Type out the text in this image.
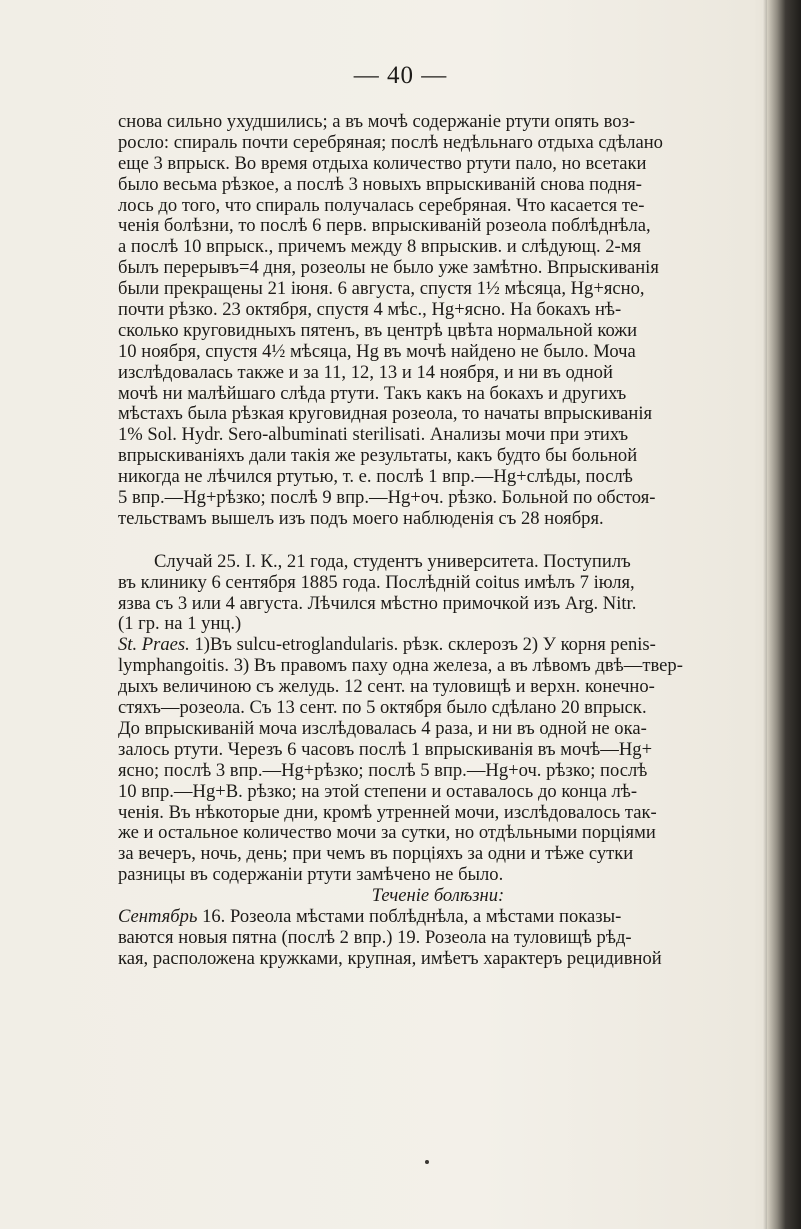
— 40 —
снова сильно ухудшились; а въ мочѣ содержаніе ртути опять воз-
росло: спираль почти серебряная; послѣ недѣльнаго отдыха сдѣлано
еще 3 впрыск. Во время отдыха количество ртути пало, но всетаки
было весьма рѣзкое, а послѣ 3 новыхъ впрыскиваній снова подня-
лось до того, что спираль получалась серебряная. Что касается те-
ченія болѣзни, то послѣ 6 перв. впрыскиваній розеола поблѣднѣла,
а послѣ 10 впрыск., причемъ между 8 впрыскив. и слѣдующ. 2-мя
былъ перерывъ=4 дня, розеолы не было уже замѣтно. Впрыскиванія
были прекращены 21 іюня. 6 августа, спустя 1½ мѣсяца, Hg+ясно,
почти рѣзко. 23 октября, спустя 4 мѣс., Hg+ясно. На бокахъ нѣ-
сколько круговидныхъ пятенъ, въ центрѣ цвѣта нормальной кожи
10 ноября, спустя 4½ мѣсяца, Hg въ мочѣ найдено не было. Моча
изслѣдовалась также и за 11, 12, 13 и 14 ноября, и ни въ одной
мочѣ ни малѣйшаго слѣда ртути. Такъ какъ на бокахъ и другихъ
мѣстахъ была рѣзкая круговидная розеола, то начаты впрыскиванія
1% Sol. Hydr. Sero-albuminati sterilisati. Анализы мочи при этихъ
впрыскиваніяхъ дали такія же результаты, какъ будто бы больной
никогда не лѣчился ртутью, т. е. послѣ 1 впр.—Hg+слѣды, послѣ
5 впр.—Hg+рѣзко; послѣ 9 впр.—Hg+оч. рѣзко. Больной по обстоя-
тельствамъ вышелъ изъ подъ моего наблюденія съ 28 ноября.
Случай 25. I. К., 21 года, студентъ университета. Поступилъ
въ клинику 6 сентября 1885 года. Послѣдній coitus имѣлъ 7 іюля,
язва съ 3 или 4 августа. Лѣчился мѣстно примочкой изъ Arg. Nitr.
(1 гр. на 1 унц.)
St. Praes. 1)Въ sulcu-etroglandularis. рѣзк. склерозъ 2) У корня penis-
lymphangoitis. 3) Въ правомъ паху одна железа, а въ лѣвомъ двѣ—твер-
дыхъ величиною съ желудь. 12 сент. на туловищѣ и верхн. конечно-
стяхъ—розеола. Съ 13 сент. по 5 октября было сдѣлано 20 впрыск.
До впрыскиваній моча изслѣдовалась 4 раза, и ни въ одной не ока-
залось ртути. Черезъ 6 часовъ послѣ 1 впрыскиванія въ мочѣ—Hg+
ясно; послѣ 3 впр.—Hg+рѣзко; послѣ 5 впр.—Hg+оч. рѣзко; послѣ
10 впр.—Hg+В. рѣзко; на этой степени и оставалось до конца лѣ-
ченія. Въ нѣкоторые дни, кромѣ утренней мочи, изслѣдовалось так-
же и остальное количество мочи за сутки, но отдѣльными порціями
за вечеръ, ночь, день; при чемъ въ порціяхъ за одни и тѣже сутки
разницы въ содержаніи ртути замѣчено не было.
Теченіе болѣзни:
Сентябрь 16. Розеола мѣстами поблѣднѣла, а мѣстами показы-
ваются новыя пятна (послѣ 2 впр.) 19. Розеола на туловищѣ рѣд-
кая, расположена кружками, крупная, имѣетъ характеръ рецидивной
